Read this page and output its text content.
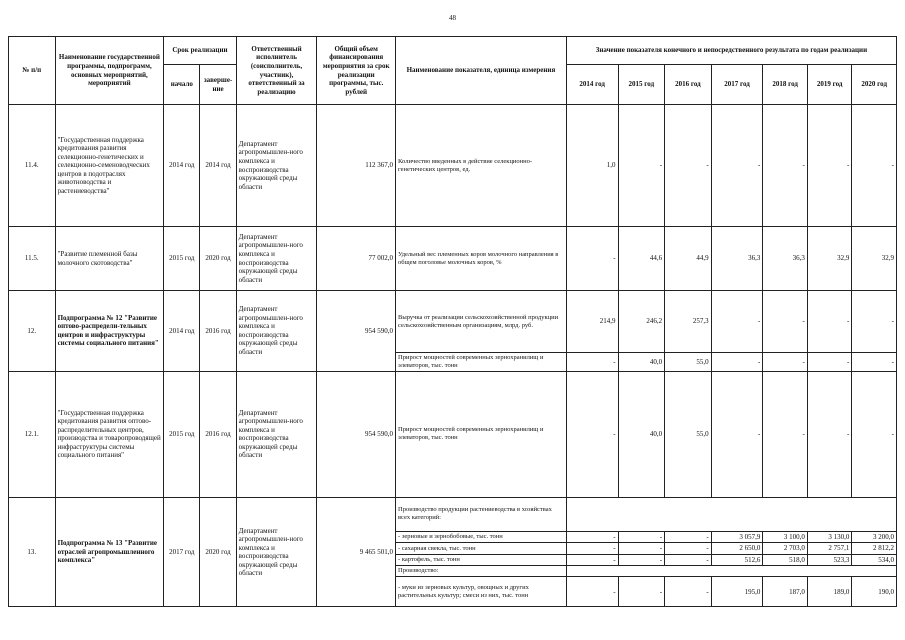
48
№ п/п	Наименование государственной программы, подпрограмм, основных мероприятий, мероприятий	Срок реализации		Ответственный исполнитель (соисполнитель, участник), ответственный за реализацию	Общий объем финансирования мероприятия за срок реализации программы, тыс. рублей	Наименование показателя, единица измерения	Значение показателя конечного и непосредственного результата по годам реализации						
		начало	заверше-ние				2014 год	2015 год	2016 год	2017 год	2018 год	2019 год	2020 год
11.4.	"Государственная поддержка кредитования развития селекционно-генетических и селекционно-семеноводческих центров в подотраслях животноводства и растениеводства"	2014 год	2014 год	Департамент агропромышлен-ного комплекса и воспроизводства окружающей среды области	112 367,0	Количество введенных в действие селекционно-генетических центров, ед.	1,0	-	-	-	-	-	-
11.5.	"Развитие племенной базы молочного скотоводства"	2015 год	2020 год	Департамент агропромышлен-ного комплекса и воспроизводства окружающей среды области	77 002,0	Удельный вес племенных коров молочного направления в общем поголовье молочных коров, %	-	44,6	44,9	36,3	36,3	32,9	32,9
12.	Подпрограмма № 12 "Развитие оптово-распредели-тельных центров и инфраструктуры системы социального питания"	2014 год	2016 год	Департамент агропромышлен-ного комплекса и воспроизводства окружающей среды области	954 590,0	Выручка от реализации сельскохозяйственной продукции сельскохозяйственным организациям, млрд. руб.	214,9	246,2	257,3	-	-	-	-
						Прирост мощностей современных зернохранилищ и элеваторов, тыс. тонн	-	40,0	55,0	-	-	-	-
12.1.	"Государственная поддержка кредитования развития оптово-распределительных центров, производства и товаропроводящей инфраструктуры системы социального питания"	2015 год	2016 год	Департамент агропромышлен-ного комплекса и воспроизводства окружающей среды области	954 590,0	Прирост мощностей современных зернохранилищ и элеваторов, тыс. тонн	-	40,0	55,0	-	-	-	-
13.	Подпрограмма № 13 "Развитие отраслей агропромышленного комплекса"	2017 год	2020 год	Департамент агропромышлен-ного комплекса и воспроизводства окружающей среды области	9 465 501,0	Производство продукции растениеводства в хозяйствах всех категорий:							
						- зерновые и зернобобовые, тыс. тонн	-	-	-	3 057,9	3 100,0	3 130,0	3 200,0
						- сахарная свекла, тыс. тонн	-	-	-	2 650,0	2 703,0	2 757,1	2 812,2
						- картофель, тыс. тонн	-	-	-	512,6	518,0	523,3	534,0
						Производство:							
						- муки из зерновых культур, овощных и других растительных культур; смеси из них, тыс. тонн	-	-	-	195,0	187,0	189,0	190,0
